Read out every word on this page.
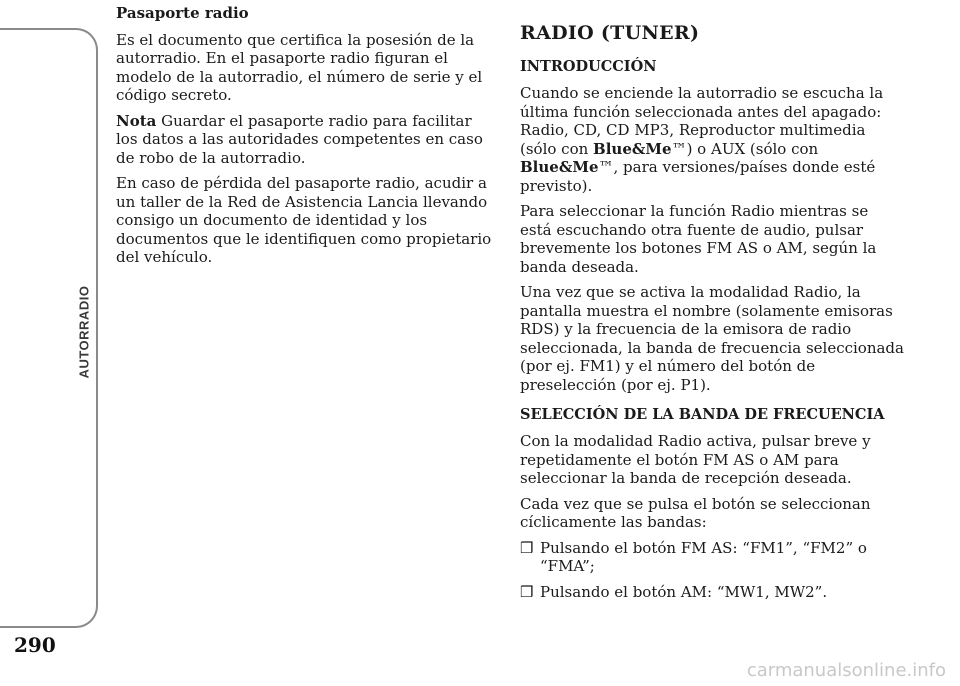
AUTORRADIO
290
Pasaporte radio

Es el documento que certifica la posesión de la autorradio. En el pasaporte radio figuran el modelo de la autorradio, el número de serie y el código secreto.

Nota Guardar el pasaporte radio para facilitar los datos a las autoridades competentes en caso de robo de la autorradio.

En caso de pérdida del pasaporte radio, acudir a un taller de la Red de Asistencia Lancia llevando consigo un documento de identidad y los documentos que le identifiquen como propietario del vehículo.

RADIO (TUNER)
INTRODUCCIÓN

Cuando se enciende la autorradio se escucha la última función seleccionada antes del apagado: Radio, CD, CD MP3, Reproductor multimedia (sólo con Blue&Me™) o AUX (sólo con
Blue&Me™, para versiones/países donde esté previsto).

Para seleccionar la función Radio mientras se está escuchando otra fuente de audio, pulsar brevemente los botones FM AS o AM, según la banda deseada.

Una vez que se activa la modalidad Radio, la pantalla muestra el nombre (solamente emisoras RDS) y la frecuencia de la emisora de radio seleccionada, la banda de frecuencia seleccionada (por ej. FM1) y el número del botón de preselección (por ej. P1).

SELECCIÓN DE LA BANDA DE FRECUENCIA

Con la modalidad Radio activa, pulsar breve y repetidamente el botón FM AS o AM para seleccionar la banda de recepción deseada.

Cada vez que se pulsa el botón se seleccionan cíclicamente las bandas:

❒ Pulsando el botón FM AS: “FM1”, “FM2” o “FMA”;
❒ Pulsando el botón AM: “MW1, MW2”.
carmanualsonline.info
